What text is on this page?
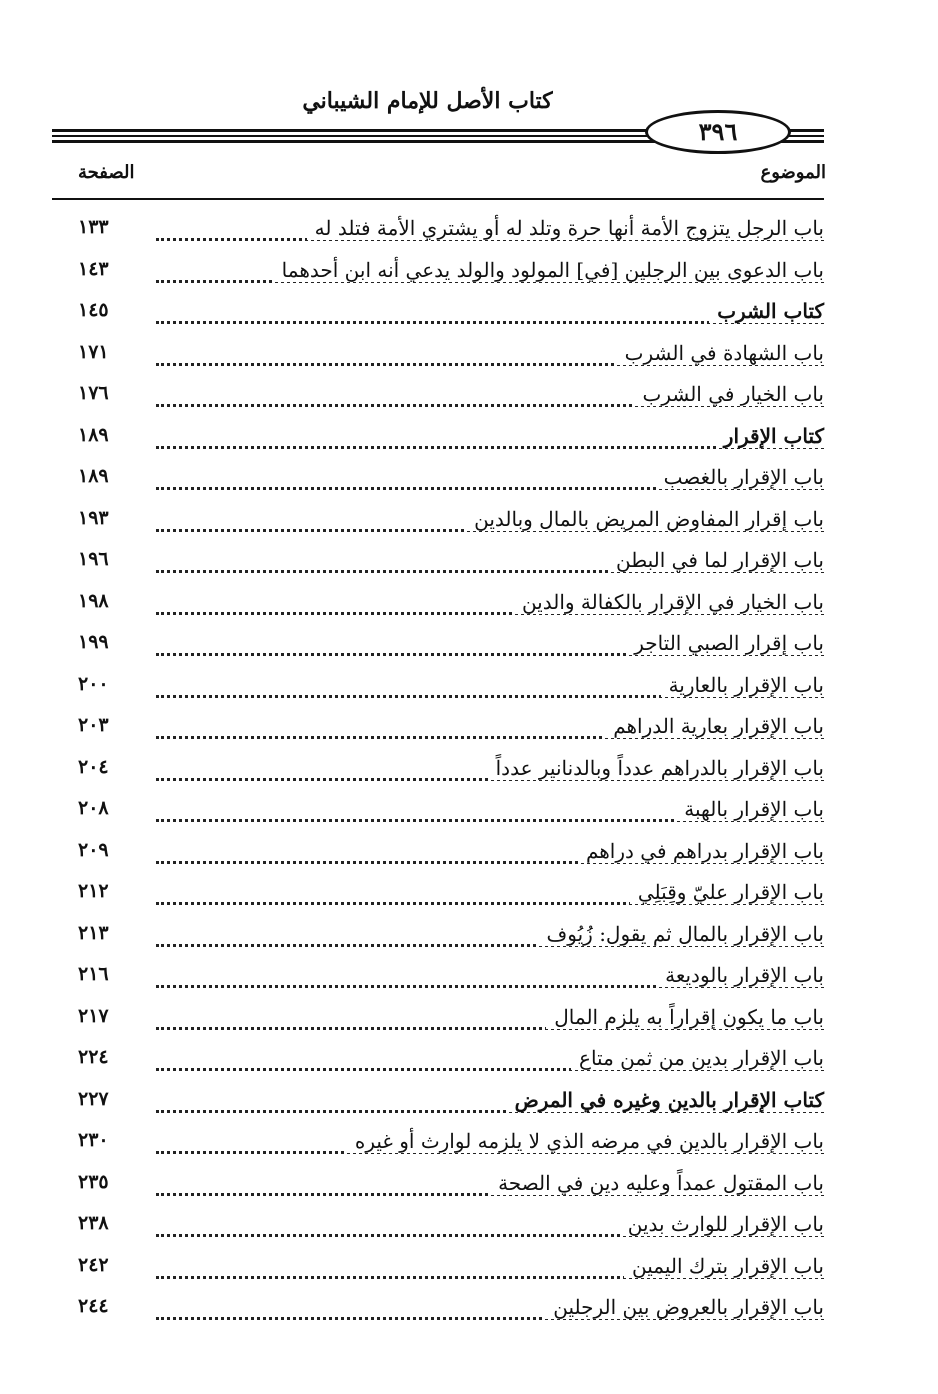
كتاب الأصل للإمام الشيباني
٣٩٦
الموضوع
الصفحة
باب الرجل يتزوج الأمة أنها حرة وتلد له أو يشتري الأمة فتلد له
١٣٣
باب الدعوى بين الرجلين [في] المولود والولد يدعي أنه ابن أحدهما
١٤٣
كتاب الشرب
١٤٥
باب الشهادة في الشرب
١٧١
باب الخيار في الشرب
١٧٦
كتاب الإقرار
١٨٩
باب الإقرار بالغصب
١٨٩
باب إقرار المفاوض المريض بالمال وبالدين
١٩٣
باب الإقرار لما في البطن
١٩٦
باب الخيار في الإقرار بالكفالة والدين
١٩٨
باب إقرار الصبي التاجر
١٩٩
باب الإقرار بالعارية
٢٠٠
باب الإقرار بعارية الدراهم
٢٠٣
باب الإقرار بالدراهم عدداً وبالدنانير عدداً
٢٠٤
باب الإقرار بالهبة
٢٠٨
باب الإقرار بدراهم في دراهم
٢٠٩
باب الإقرار عليّ وقِبَلِي
٢١٢
باب الإقرار بالمال ثم يقول: زُيُوف
٢١٣
باب الإقرار بالوديعة
٢١٦
باب ما يكون إقراراً به يلزم المال
٢١٧
باب الإقرار بدين من ثمن متاع
٢٢٤
كتاب الإقرار بالدين وغيره في المرض
٢٢٧
باب الإقرار بالدين في مرضه الذي لا يلزمه لوارث أو غيره
٢٣٠
باب المقتول عمداً وعليه دين في الصحة
٢٣٥
باب الإقرار للوارث بدين
٢٣٨
باب الإقرار بترك اليمين
٢٤٢
باب الإقرار بالعروض بين الرجلين
٢٤٤
